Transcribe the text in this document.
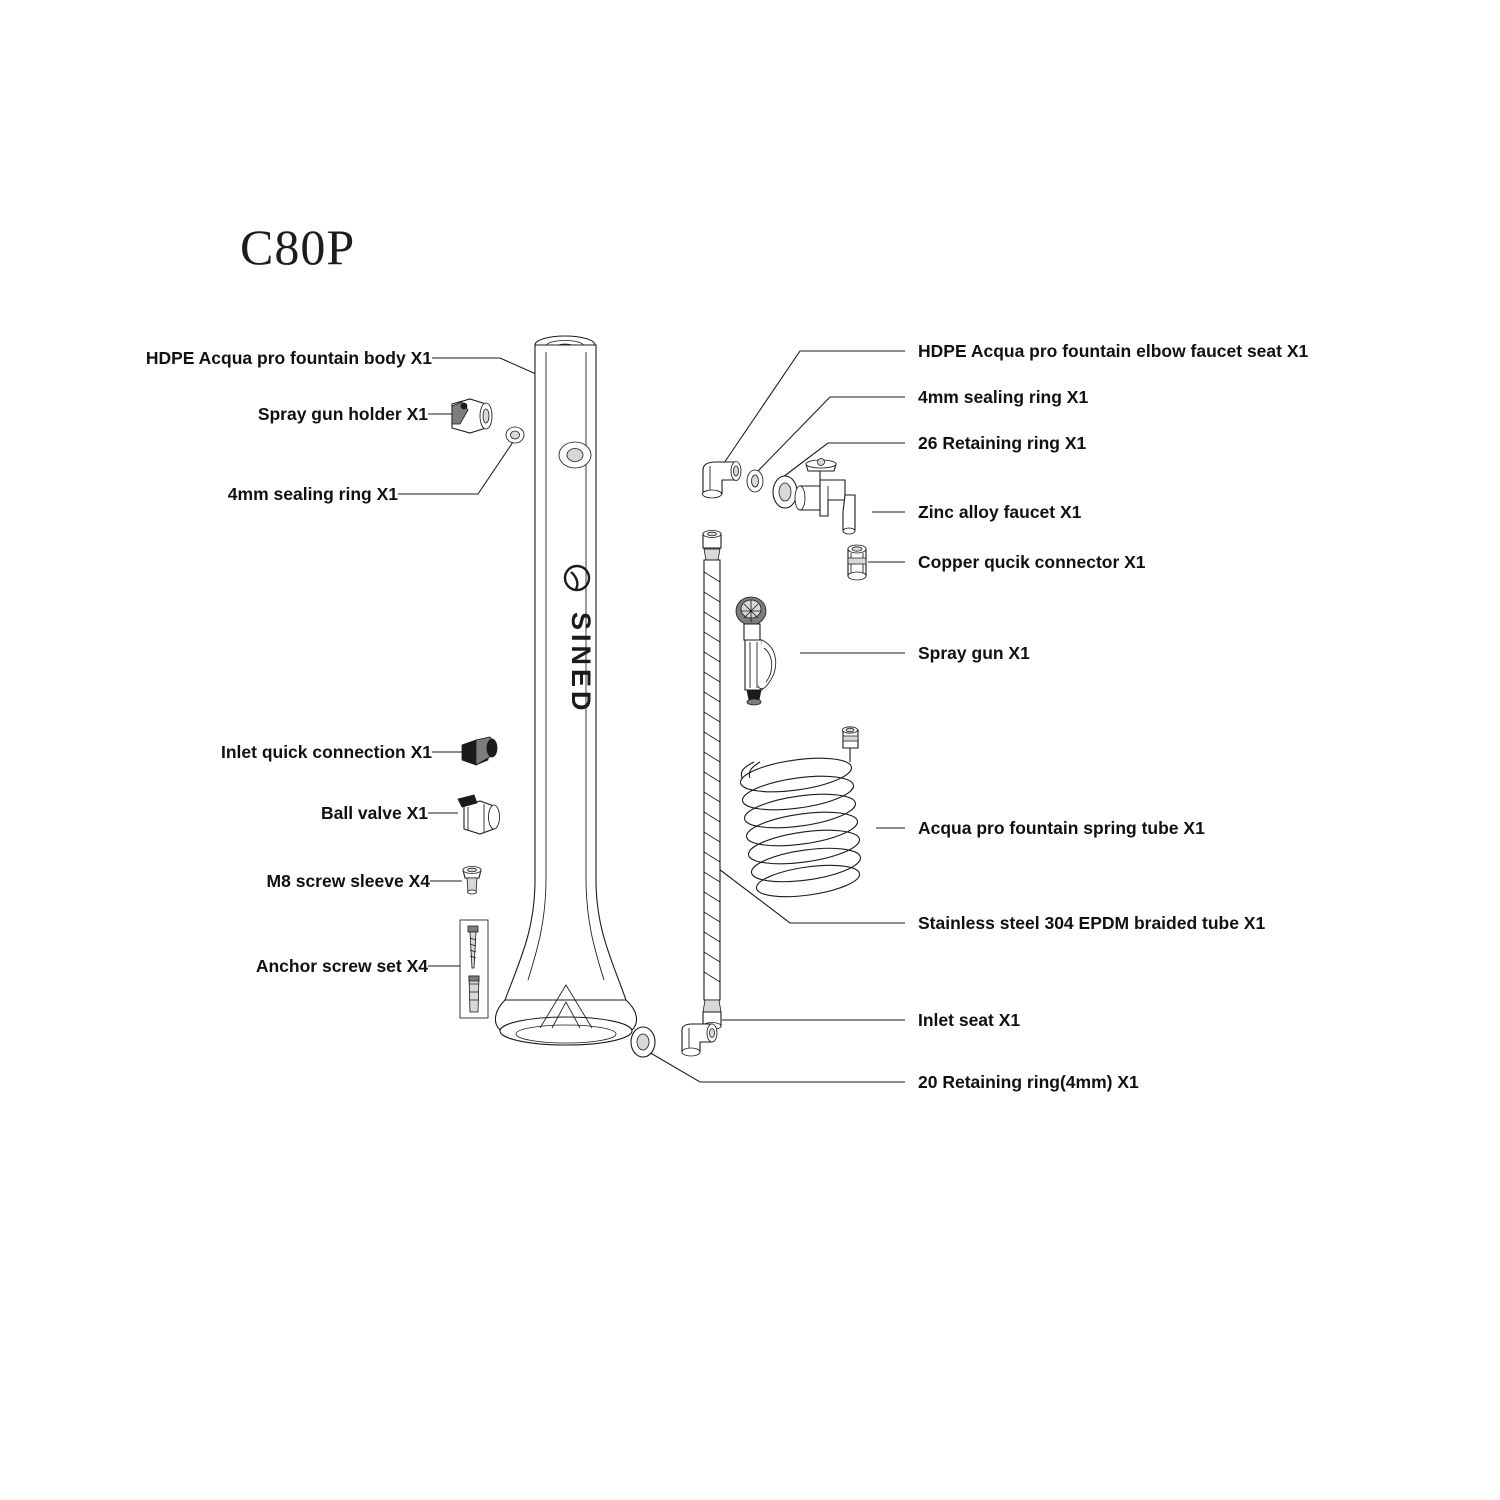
C80P
SINED
HDPE Acqua pro fountain body X1
Spray gun holder X1
4mm sealing ring X1
Inlet quick connection X1
Ball valve X1
M8 screw sleeve X4
Anchor screw set X4
HDPE Acqua pro fountain elbow faucet seat X1
4mm sealing ring X1
26 Retaining ring X1
Zinc alloy faucet X1
Copper qucik connector X1
Spray gun X1
Acqua pro fountain spring tube X1
Stainless steel 304 EPDM braided tube X1
Inlet seat X1
20 Retaining ring(4mm) X1
